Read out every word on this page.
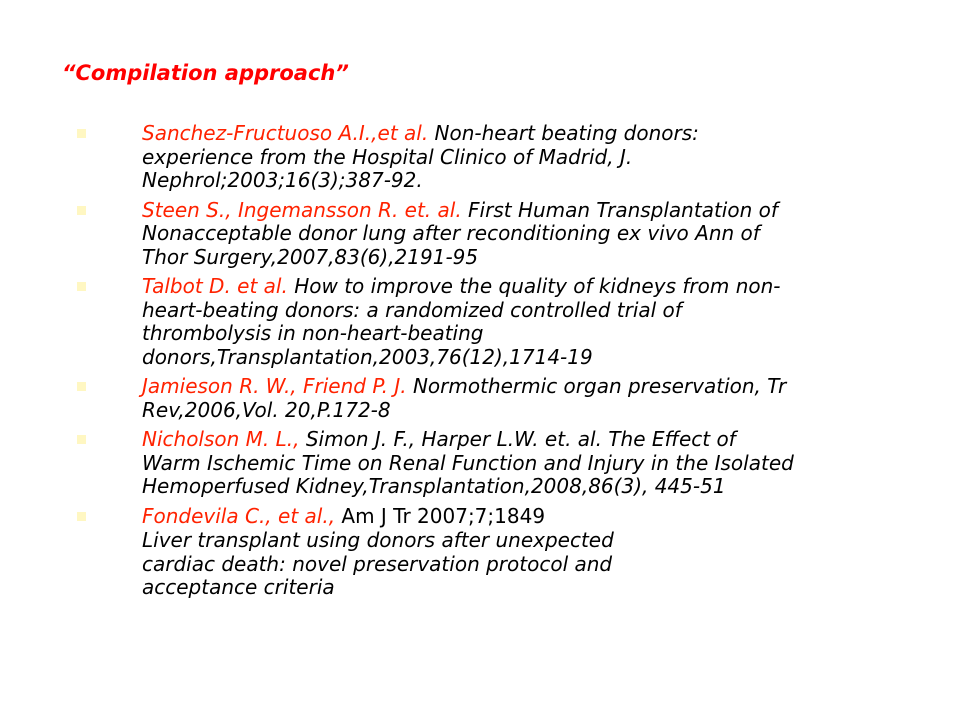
“Compilation approach”
Sanchez-Fructuoso A.I.,et al. Non-heart beating donors:
experience from the Hospital Clinico of Madrid, J.
Nephrol;2003;16(3);387-92.
Steen S., Ingemansson R. et. al. First Human Transplantation of
Nonacceptable donor lung after reconditioning ex vivo Ann of
Thor Surgery,2007,83(6),2191-95
Talbot D. et al. How to improve the quality of kidneys from non-
heart-beating donors: a randomized controlled trial of
thrombolysis in non-heart-beating
donors,Transplantation,2003,76(12),1714-19
Jamieson R. W., Friend P. J. Normothermic organ preservation, Tr
Rev,2006,Vol. 20,P.172-8
Nicholson M. L., Simon J. F., Harper L.W. et. al. The Effect of
Warm Ischemic Time on Renal Function and Injury in the Isolated
Hemoperfused Kidney,Transplantation,2008,86(3), 445-51
Fondevila C., et al., Am J Tr 2007;7;1849
Liver transplant using donors after unexpected
cardiac death: novel preservation protocol and
acceptance criteria
